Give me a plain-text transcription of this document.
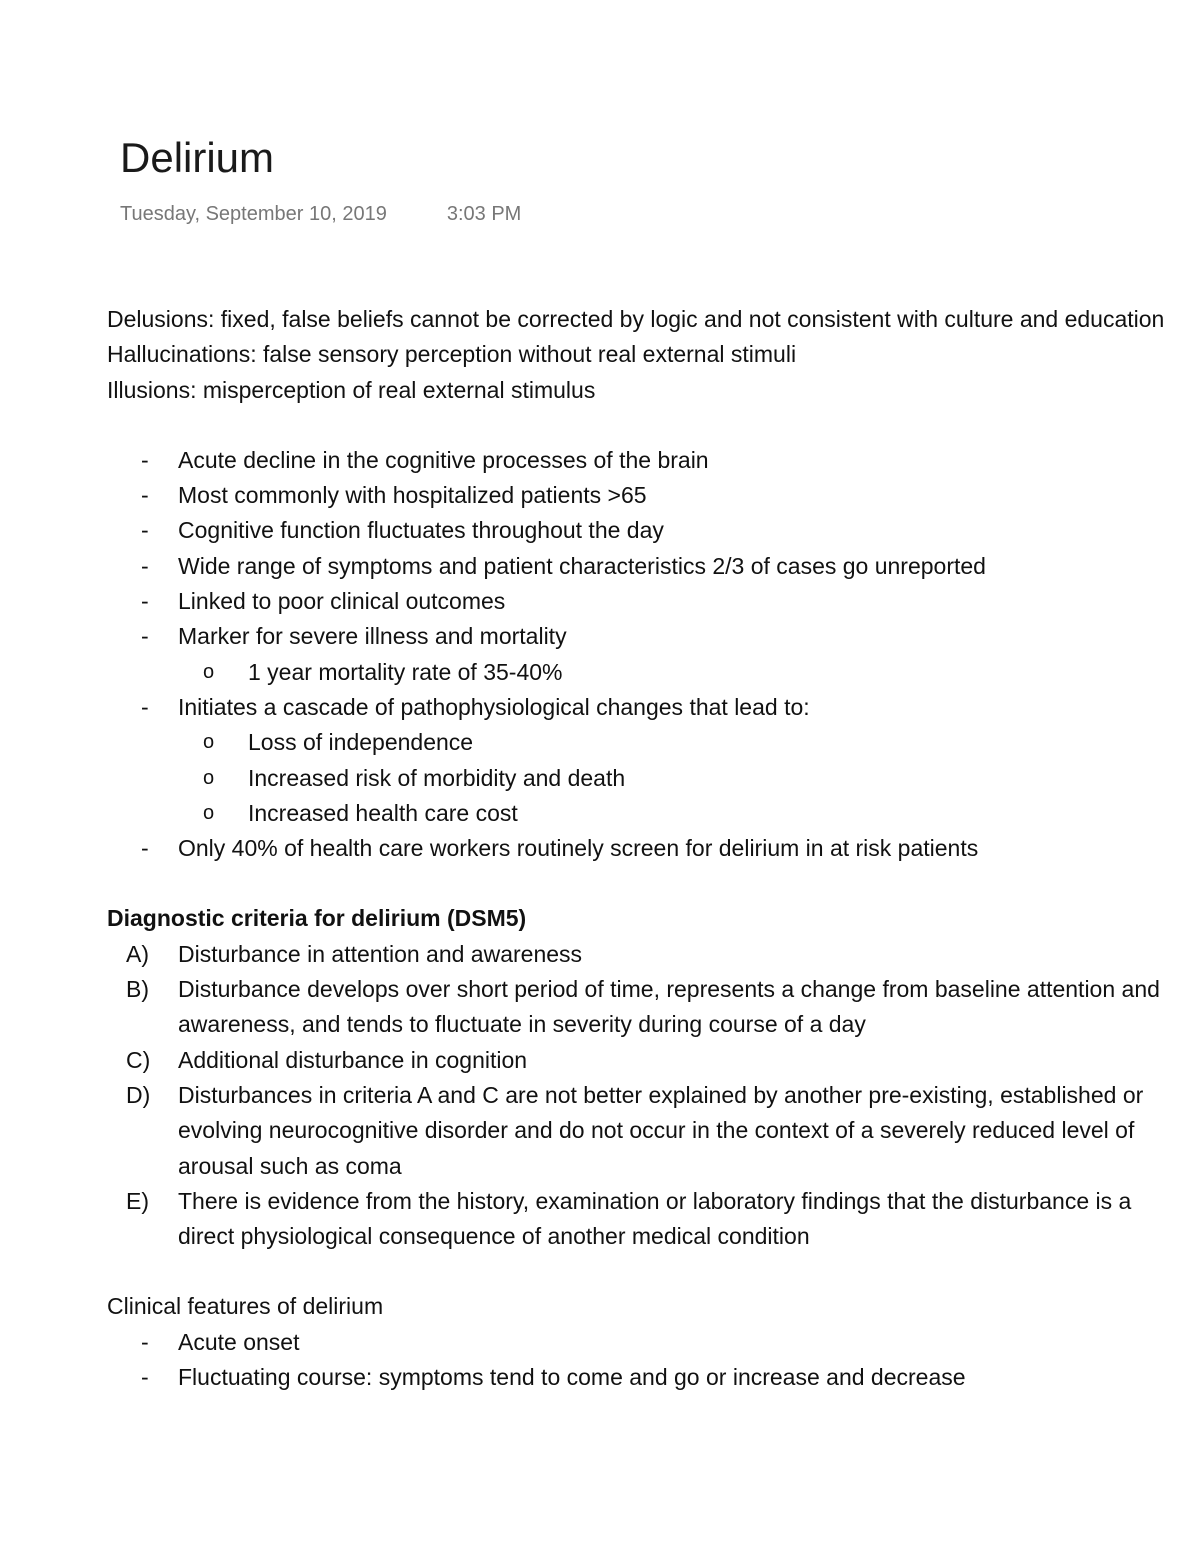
Delirium
Tuesday, September 10, 2019	3:03 PM

Delusions: fixed, false beliefs cannot be corrected by logic and not consistent with culture and education

Hallucinations: false sensory perception without real external stimuli

Illusions: misperception of real external stimulus

- Acute decline in the cognitive processes of the brain
- Most commonly with hospitalized patients >65
- Cognitive function fluctuates throughout the day
- Wide range of symptoms and patient characteristics 2/3 of cases go unreported
- Linked to poor clinical outcomes
- Marker for severe illness and mortality
o 1 year mortality rate of 35-40%
- Initiates a cascade of pathophysiological changes that lead to:
o Loss of independence
o Increased risk of morbidity and death
o Increased health care cost
- Only 40% of health care workers routinely screen for delirium in at risk patients

Diagnostic criteria for delirium (DSM5)

A) Disturbance in attention and awareness
B) Disturbance develops over short period of time, represents a change from baseline attention and awareness, and tends to fluctuate in severity during course of a day
C) Additional disturbance in cognition
D) Disturbances in criteria A and C are not better explained by another pre-existing, established or evolving neurocognitive disorder and do not occur in the context of a severely reduced level of arousal such as coma
E) There is evidence from the history, examination or laboratory findings that the disturbance is a direct physiological consequence of another medical condition

Clinical features of delirium

- Acute onset
- Fluctuating course: symptoms tend to come and go or increase and decrease
